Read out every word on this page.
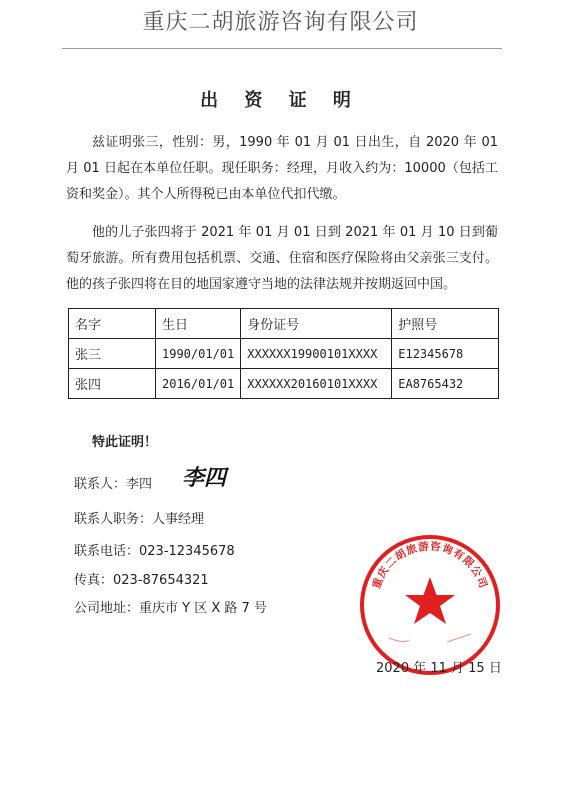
重庆二胡旅游咨询有限公司
出 资 证 明
兹证明张三，性别：男，1990 年 01 月 01 日出生，自 2020 年 01 月 01 日起在本单位任职。现任职务：经理，月收入约为：10000（包括工资和奖金）。其个人所得税已由本单位代扣代缴。
他的儿子张四将于 2021 年 01 月 01 日到 2021 年 01 月 10 日到葡萄牙旅游。所有费用包括机票、交通、住宿和医疗保险将由父亲张三支付。他的孩子张四将在目的地国家遵守当地的法律法规并按期返回中国。
名字	生日	身份证号	护照号
张三	1990/01/01	XXXXXX19900101XXXX	E12345678
张四	2016/01/01	XXXXXX20160101XXXX	EA8765432
特此证明！
联系人：李四 李四
联系人职务：人事经理
联系电话：023-12345678
传真：023-87654321
公司地址：重庆市 Y 区 X 路 7 号
重庆二胡旅游咨询有限公司
2020 年 11 月 15 日
